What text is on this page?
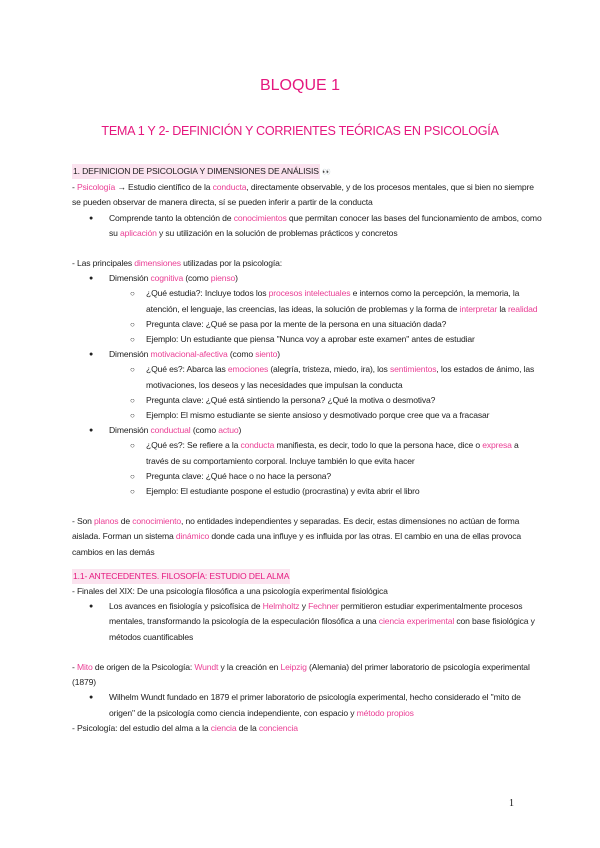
BLOQUE 1
TEMA 1 Y 2- DEFINICIÓN Y CORRIENTES TEÓRICAS EN PSICOLOGÍA

1. DEFINICION DE PSICOLOGIA Y DIMENSIONES DE ANÁLISIS 👀

- Psicología → Estudio científico de la conducta, directamente observable, y de los procesos mentales, que si bien no siempre se pueden observar de manera directa, sí se pueden inferir a partir de la conducta

● Comprende tanto la obtención de conocimientos que permitan conocer las bases del funcionamiento de ambos, como su aplicación y su utilización en la solución de problemas prácticos y concretos

- Las principales dimensiones utilizadas por la psicología:

● Dimensión cognitiva (como pienso)

○ ¿Qué estudia?: Incluye todos los procesos intelectuales e internos como la percepción, la memoria, la atención, el lenguaje, las creencias, las ideas, la solución de problemas y la forma de interpretar la realidad

○ Pregunta clave: ¿Qué se pasa por la mente de la persona en una situación dada?

○ Ejemplo: Un estudiante que piensa "Nunca voy a aprobar este examen" antes de estudiar

● Dimensión motivacional-afectiva (como siento)

○ ¿Qué es?: Abarca las emociones (alegría, tristeza, miedo, ira), los sentimientos, los estados de ánimo, las motivaciones, los deseos y las necesidades que impulsan la conducta

○ Pregunta clave: ¿Qué está sintiendo la persona? ¿Qué la motiva o desmotiva?

○ Ejemplo: El mismo estudiante se siente ansioso y desmotivado porque cree que va a fracasar

● Dimensión conductual (como actuo)

○ ¿Qué es?: Se refiere a la conducta manifiesta, es decir, todo lo que la persona hace, dice o expresa a través de su comportamiento corporal. Incluye también lo que evita hacer

○ Pregunta clave: ¿Qué hace o no hace la persona?

○ Ejemplo: El estudiante pospone el estudio (procrastina) y evita abrir el libro

- Son planos de conocimiento, no entidades independientes y separadas. Es decir, estas dimensiones no actúan de forma aislada. Forman un sistema dinámico donde cada una influye y es influida por las otras. El cambio en una de ellas provoca cambios en las demás

1.1- ANTECEDENTES. FILOSOFÍA: ESTUDIO DEL ALMA

- Finales del XIX: De una psicología filosófica a una psicología experimental fisiológica

● Los avances en fisiología y psicofísica de Helmholtz y Fechner permitieron estudiar experimentalmente procesos mentales, transformando la psicología de la especulación filosófica a una ciencia experimental con base fisiológica y métodos cuantificables

- Mito de origen de la Psicología: Wundt y la creación en Leipzig (Alemania) del primer laboratorio de psicología experimental (1879)

● Wilhelm Wundt fundado en 1879 el primer laboratorio de psicología experimental, hecho considerado el "mito de origen" de la psicología como ciencia independiente, con espacio y método propios

- Psicología: del estudio del alma a la ciencia de la conciencia

1
